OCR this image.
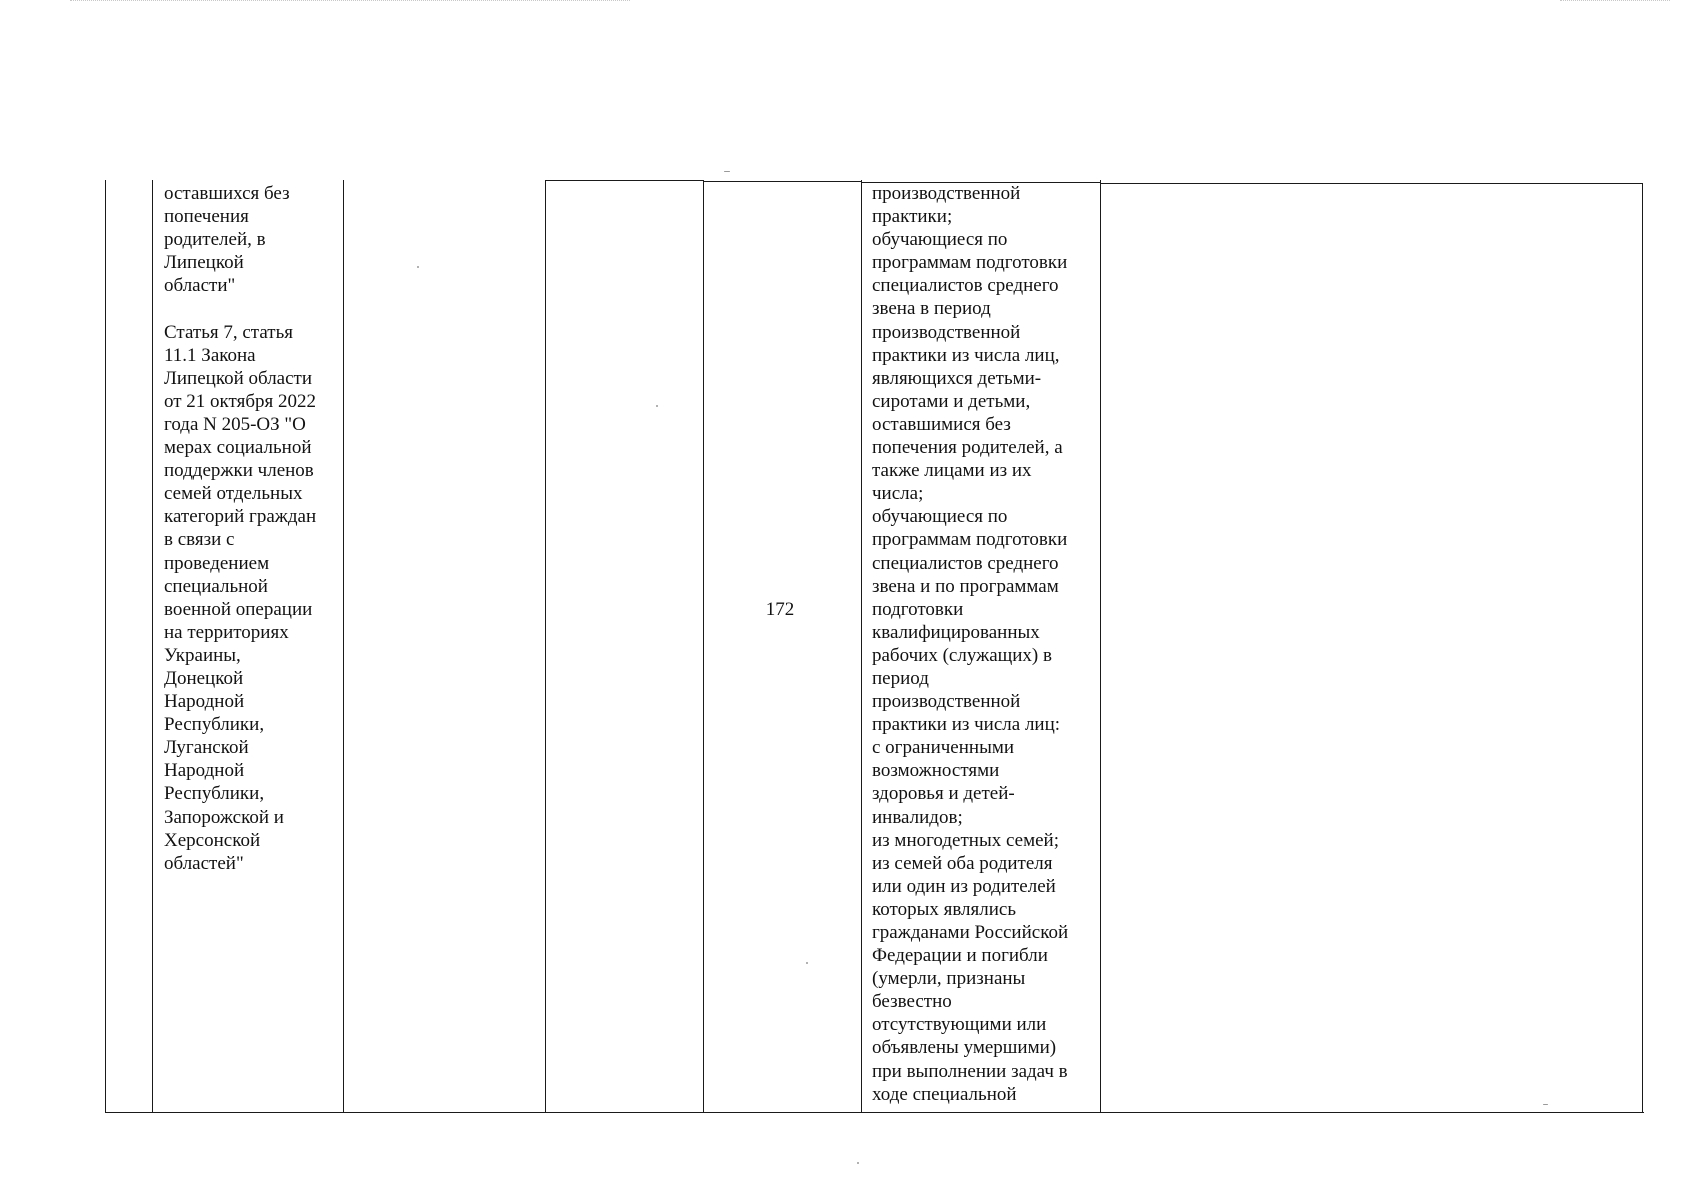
оставшихся без
попечения
родителей, в
Липецкой
области"

Статья 7, статья
11.1 Закона
Липецкой области
от 21 октября 2022
года N 205-ОЗ "О
мерах социальной
поддержки членов
семей отдельных
категорий граждан
в связи с
проведением
специальной
военной операции
на территориях
Украины,
Донецкой
Народной
Республики,
Луганской
Народной
Республики,
Запорожской и
Херсонской
областей"
172
производственной
практики;
обучающиеся по
программам подготовки
специалистов среднего
звена в период
производственной
практики из числа лиц,
являющихся детьми-
сиротами и детьми,
оставшимися без
попечения родителей, а
также лицами из их
числа;
обучающиеся по
программам подготовки
специалистов среднего
звена и по программам
подготовки
квалифицированных
рабочих (служащих) в
период
производственной
практики из числа лиц:
с ограниченными
возможностями
здоровья и детей-
инвалидов;
из многодетных семей;
из семей оба родителя
или один из родителей
которых являлись
гражданами Российской
Федерации и погибли
(умерли, признаны
безвестно
отсутствующими или
объявлены умершими)
при выполнении задач в
ходе специальной
